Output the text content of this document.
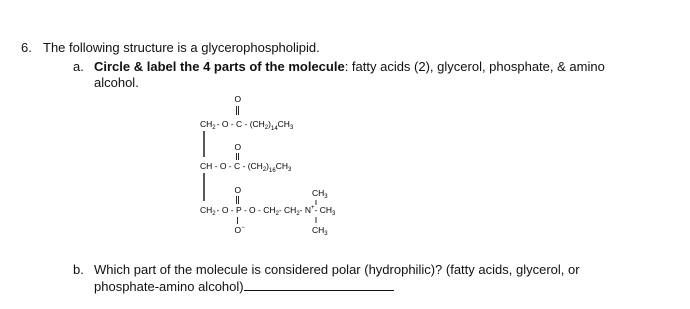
6. The following structure is a glycerophospholipid.
a. Circle & label the 4 parts of the molecule: fatty acids (2), glycerol, phosphate, & amino
alcohol.
O
$CH_2-$ O - C - $(CH_2)_{14}CH_3$
O
CH - O - C - $(CH_2)_{16}CH_3$
O	$CH_3$
$CH_2-$ O - P - O - $CH_2-$ $CH_2-$ N+- $CH_3$
O−	$CH_3$
b. Which part of the molecule is considered polar (hydrophilic)? (fatty acids, glycerol, or
phosphate-amino alcohol)
